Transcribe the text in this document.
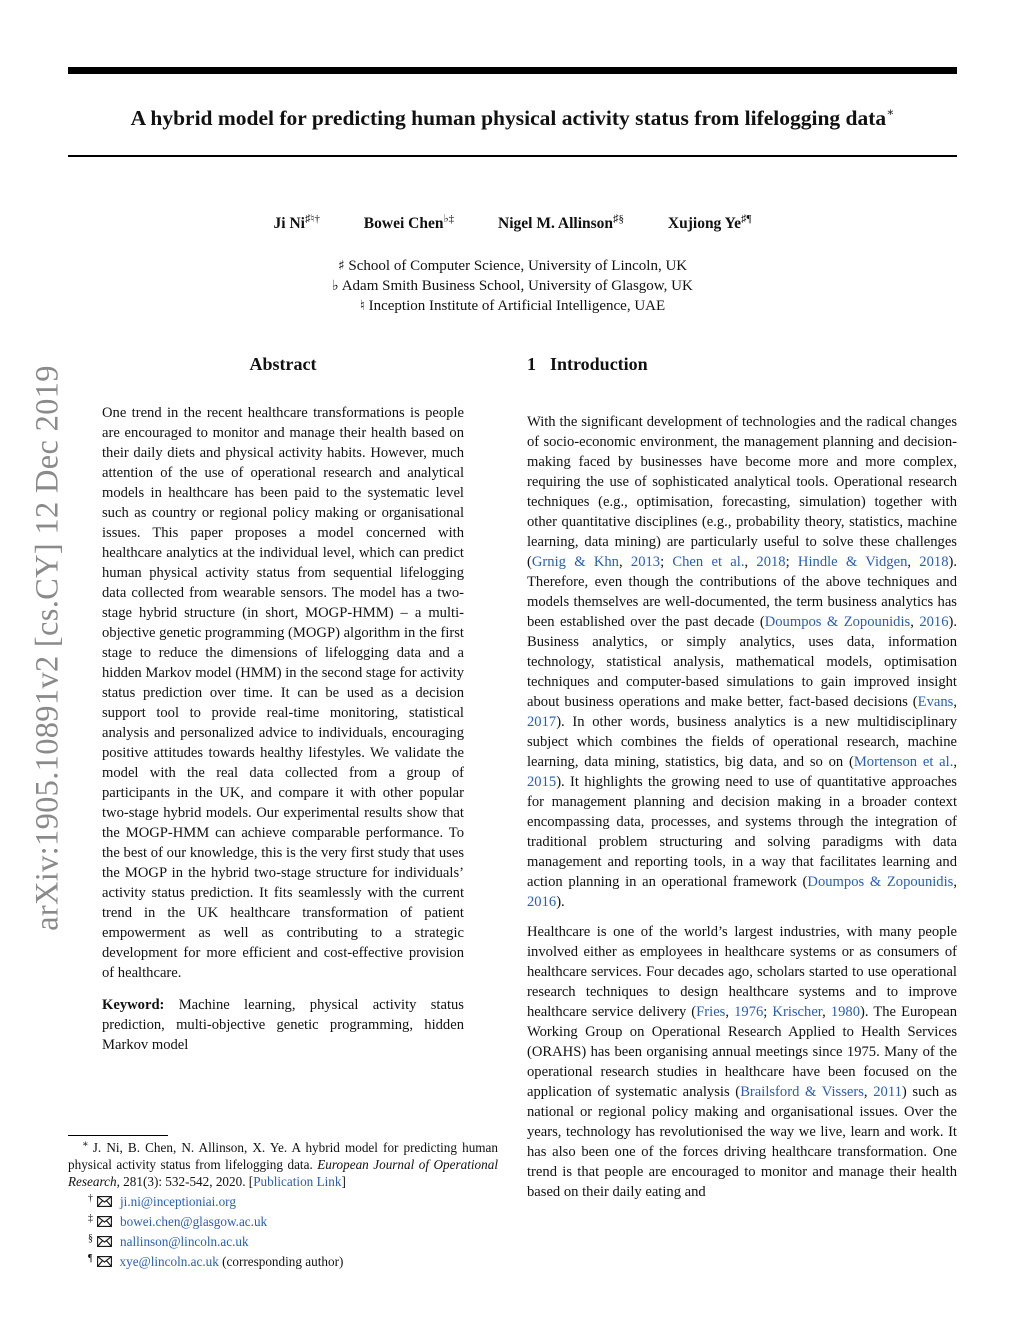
A hybrid model for predicting human physical activity status from lifelogging data∗
Ji Ni♯♮†	Bowei Chen♭‡	Nigel M. Allinson♯§	Xujiong Ye♯¶
♯ School of Computer Science, University of Lincoln, UK
♭ Adam Smith Business School, University of Glasgow, UK
♮ Inception Institute of Artificial Intelligence, UAE
arXiv:1905.10891v2 [cs.CY] 12 Dec 2019
Abstract

One trend in the recent healthcare transformations is people are encouraged to monitor and manage their health based on their daily diets and physical activity habits. However, much attention of the use of operational research and analytical models in healthcare has been paid to the systematic level such as country or regional policy making or organisational issues. This paper proposes a model concerned with healthcare analytics at the individual level, which can predict human physical activity status from sequential lifelogging data collected from wearable sensors. The model has a two-stage hybrid structure (in short, MOGP-HMM) – a multi-objective genetic programming (MOGP) algorithm in the first stage to reduce the dimensions of lifelogging data and a hidden Markov model (HMM) in the second stage for activity status prediction over time. It can be used as a decision support tool to provide real-time monitoring, statistical analysis and personalized advice to individuals, encouraging positive attitudes towards healthy lifestyles. We validate the model with the real data collected from a group of participants in the UK, and compare it with other popular two-stage hybrid models. Our experimental results show that the MOGP-HMM can achieve comparable performance. To the best of our knowledge, this is the very first study that uses the MOGP in the hybrid two-stage structure for individuals’ activity status prediction. It fits seamlessly with the current trend in the UK healthcare transformation of patient empowerment as well as contributing to a strategic development for more efficient and cost-effective provision of healthcare.

Keyword: Machine learning, physical activity status prediction, multi-objective genetic programming, hidden Markov model

1 Introduction

With the significant development of technologies and the radical changes of socio-economic environment, the management planning and decision-making faced by businesses have become more and more complex, requiring the use of sophisticated analytical tools. Operational research techniques (e.g., optimisation, forecasting, simulation) together with other quantitative disciplines (e.g., probability theory, statistics, machine learning, data mining) are particularly useful to solve these challenges (Grnig & Khn, 2013; Chen et al., 2018; Hindle & Vidgen, 2018). Therefore, even though the contributions of the above techniques and models themselves are well-documented, the term business analytics has been established over the past decade (Doumpos & Zopounidis, 2016). Business analytics, or simply analytics, uses data, information technology, statistical analysis, mathematical models, optimisation techniques and computer-based simulations to gain improved insight about business operations and make better, fact-based decisions (Evans, 2017). In other words, business analytics is a new multidisciplinary subject which combines the fields of operational research, machine learning, data mining, statistics, big data, and so on (Mortenson et al., 2015). It highlights the growing need to use of quantitative approaches for management planning and decision making in a broader context encompassing data, processes, and systems through the integration of traditional problem structuring and solving paradigms with data management and reporting tools, in a way that facilitates learning and action planning in an operational framework (Doumpos & Zopounidis, 2016).

Healthcare is one of the world’s largest industries, with many people involved either as employees in healthcare systems or as consumers of healthcare services. Four decades ago, scholars started to use operational research techniques to design healthcare systems and to improve healthcare service delivery (Fries, 1976; Krischer, 1980). The European Working Group on Operational Research Applied to Health Services (ORAHS) has been organising annual meetings since 1975. Many of the operational research studies in healthcare have been focused on the application of systematic analysis (Brailsford & Vissers, 2011) such as national or regional policy making and organisational issues. Over the years, technology has revolutionised the way we live, learn and work. It has also been one of the forces driving healthcare transformation. One trend is that people are encouraged to monitor and manage their health based on their daily eating and

∗ J. Ni, B. Chen, N. Allinson, X. Ye. A hybrid model for predicting human physical activity status from lifelogging data. European Journal of Operational Research, 281(3): 532-542, 2020. [Publication Link]

† ji.ni@inceptioniai.org

‡ bowei.chen@glasgow.ac.uk

§ nallinson@lincoln.ac.uk

¶ xye@lincoln.ac.uk (corresponding author)
